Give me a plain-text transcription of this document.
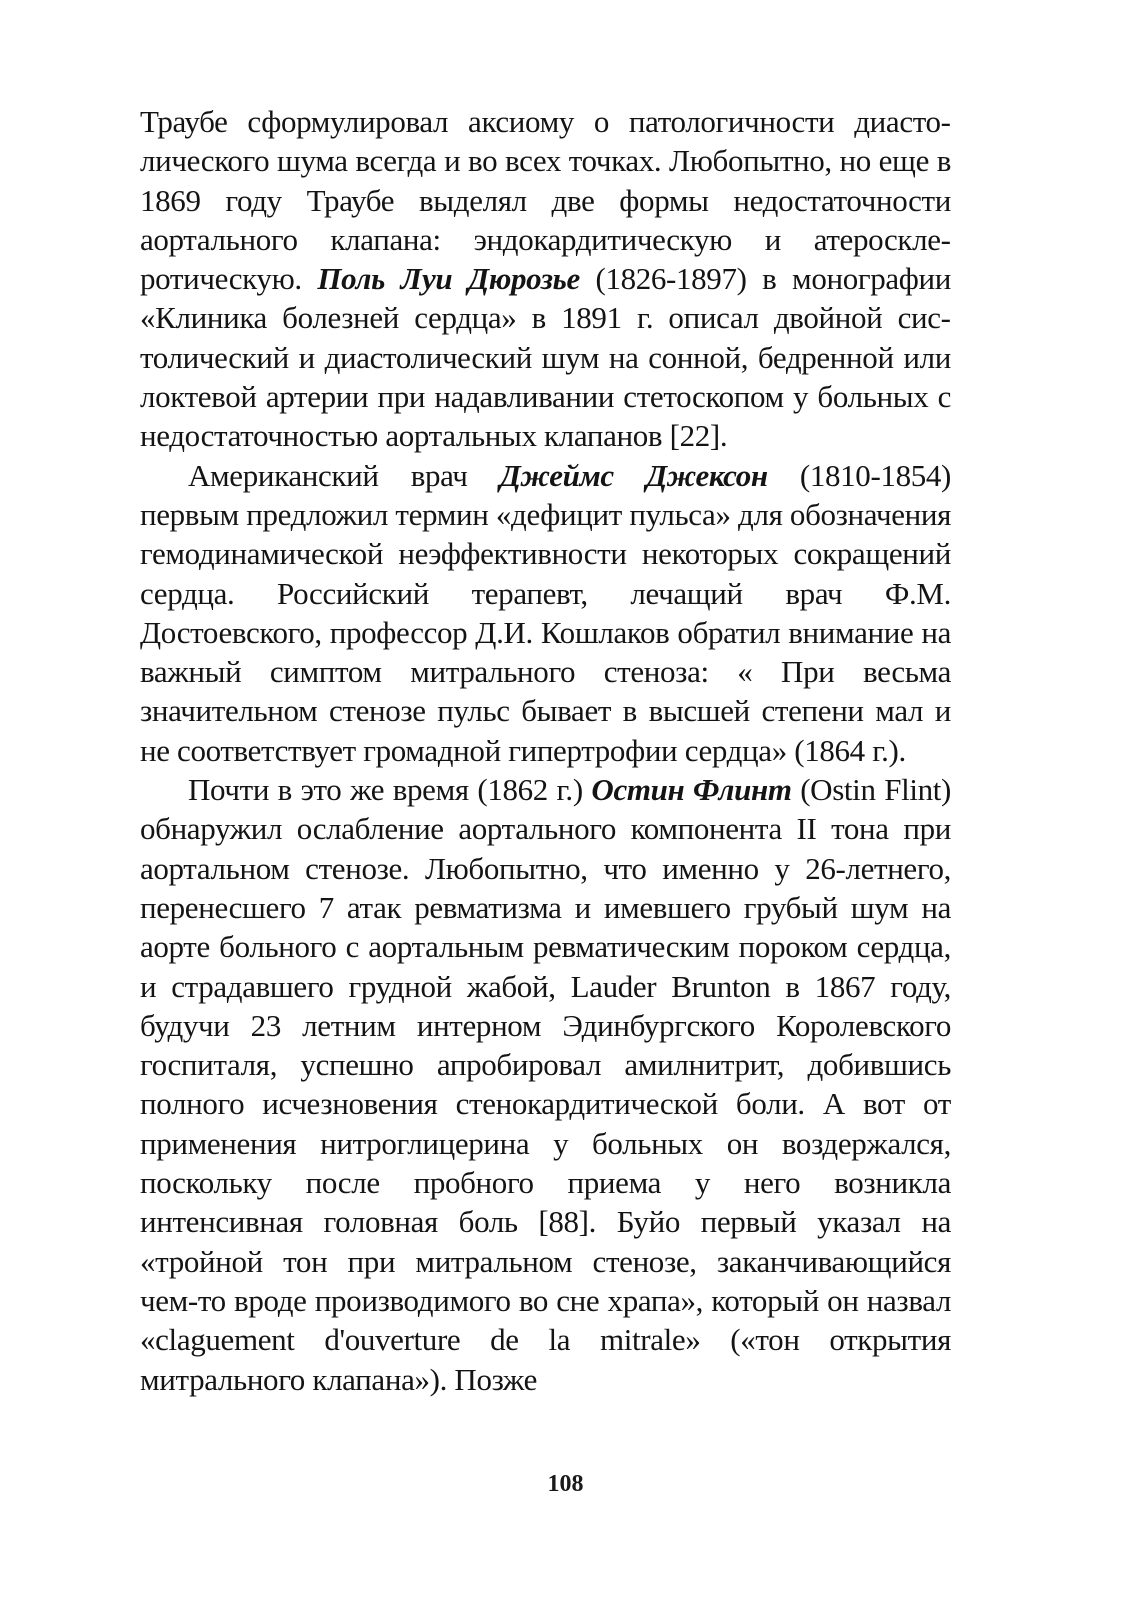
Траубе сформулировал аксиому о патологичности диастолического шума всегда и во всех точках. Любопытно, но еще в 1869 году Траубе выделял две формы недостаточности аортального клапана: эндокардитическую и атеросклеротическую. Поль Луи Дюрозье (1826-1897) в монографии «Клиника болезней сердца» в 1891 г. описал двойной систолический и диастолический шум на сонной, бедренной или локтевой артерии при надавливании стетоскопом у больных с недостаточностью аортальных клапанов [22].

Американский врач Джеймс Джексон (1810-1854) первым предложил термин «дефицит пульса» для обозначения гемодинамической неэффективности некоторых сокращений сердца. Российский терапевт, лечащий врач Ф.М. Достоевского, профессор Д.И. Кошлаков обратил внимание на важный симптом митрального стеноза: « При весьма значительном стенозе пульс бывает в высшей степени мал и не соответствует громадной гипертрофии сердца» (1864 г.).

Почти в это же время (1862 г.) Остин Флинт (Ostin Flint) обнаружил ослабление аортального компонента II тона при аортальном стенозе. Любопытно, что именно у 26-летнего, перенесшего 7 атак ревматизма и имевшего грубый шум на аорте больного с аортальным ревматическим пороком сердца, и страдавшего грудной жабой, Lauder Brunton в 1867 году, будучи 23 летним интерном Эдинбургского Королевского госпиталя, успешно апробировал амилнитрит, добившись полного исчезновения стенокардитической боли. А вот от применения нитроглицерина у больных он воздержался, поскольку после пробного приема у него возникла интенсивная головная боль [88]. Буйо первый указал на «тройной тон при митральном стенозе, заканчивающийся чем-то вроде производимого во сне храпа», который он назвал «claguement d'ouverture de la mitrale» («тон открытия митрального клапана»). Позже

108
